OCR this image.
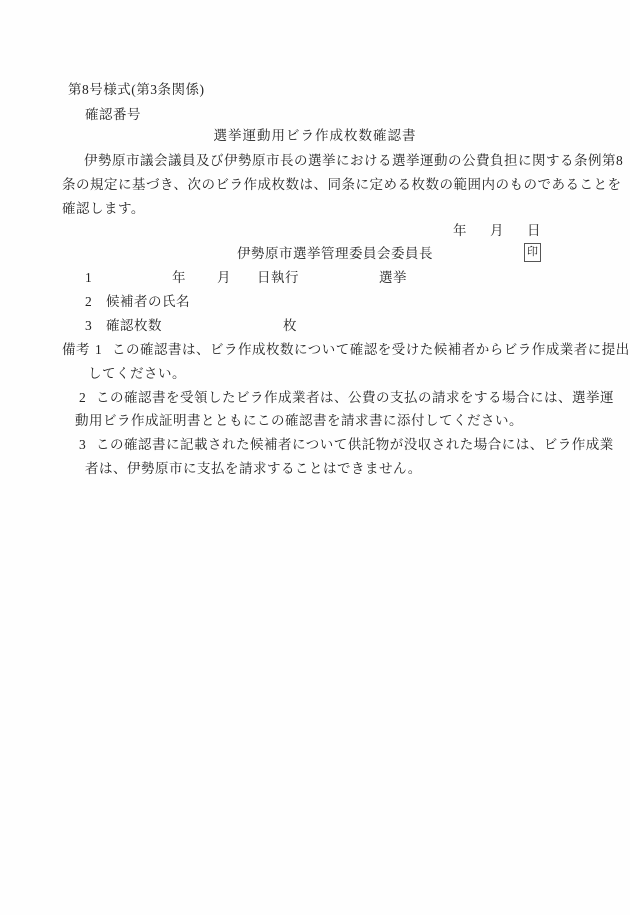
第8号様式(第3条関係)
確認番号
選挙運動用ビラ作成枚数確認書
伊勢原市議会議員及び伊勢原市長の選挙における選挙運動の公費負担に関する条例第8
条の規定に基づき、次のビラ作成枚数は、同条に定める枚数の範囲内のものであることを
確認します。
年 月 日
伊勢原市選挙管理委員会委員長	印
1	年 月 日執行	選挙
2 候補者の氏名
3 確認枚数	枚
備考 1 この確認書は、ビラ作成枚数について確認を受けた候補者からビラ作成業者に提出
してください。
2 この確認書を受領したビラ作成業者は、公費の支払の請求をする場合には、選挙運
動用ビラ作成証明書とともにこの確認書を請求書に添付してください。
3 この確認書に記載された候補者について供託物が没収された場合には、ビラ作成業
者は、伊勢原市に支払を請求することはできません。
